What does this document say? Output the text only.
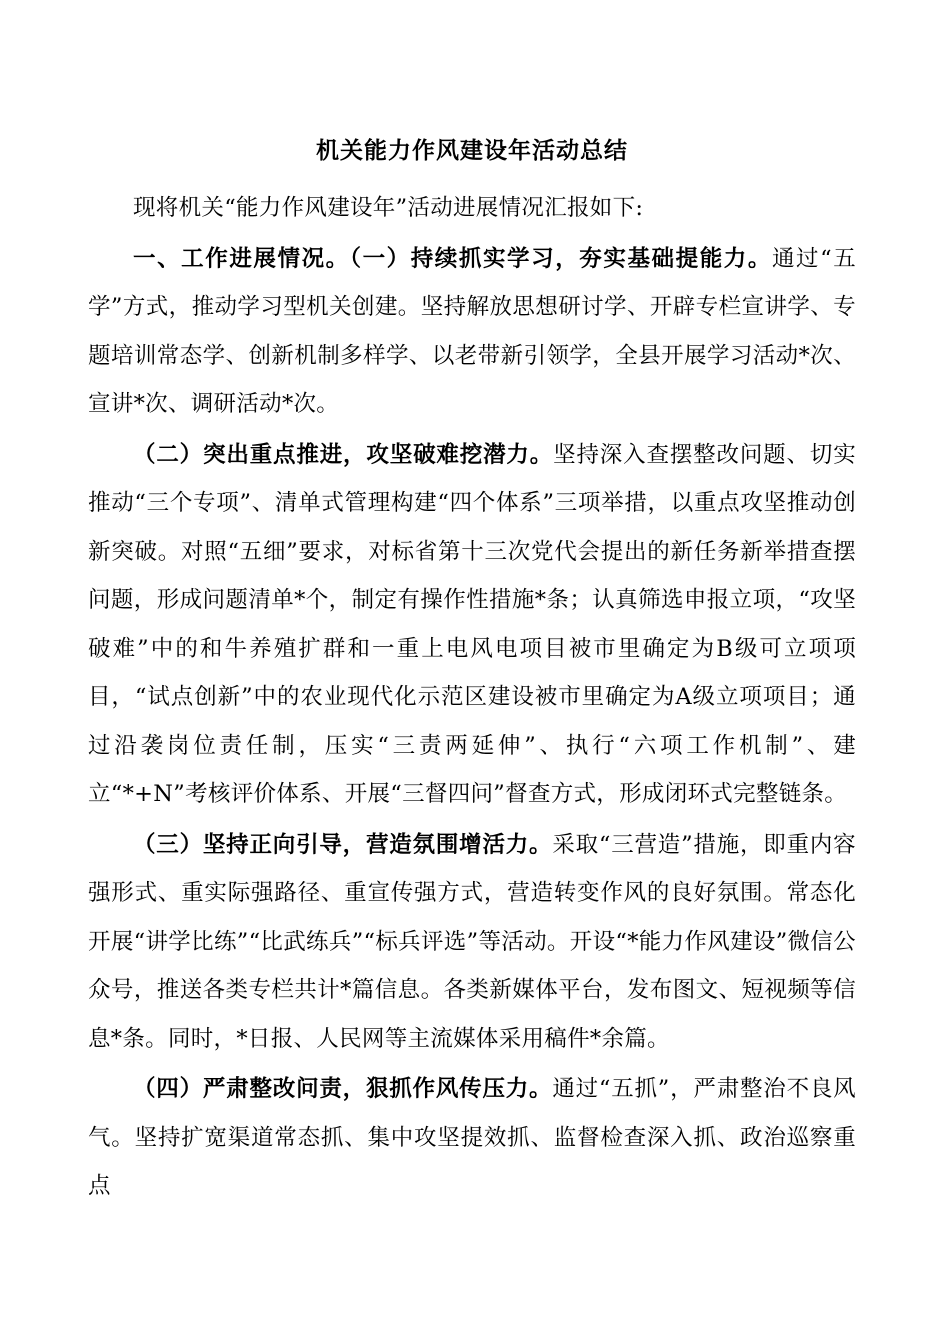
机关能力作风建设年活动总结

现将机关“能力作风建设年”活动进展情况汇报如下:

一、工作进展情况。（一）持续抓实学习，夯实基础提能力。通过“五学”方式，推动学习型机关创建。坚持解放思想研讨学、开辟专栏宣讲学、专题培训常态学、创新机制多样学、以老带新引领学，全县开展学习活动*次、宣讲*次、调研活动*次。

（二）突出重点推进，攻坚破难挖潜力。坚持深入查摆整改问题、切实推动“三个专项”、清单式管理构建“四个体系”三项举措，以重点攻坚推动创新突破。对照“五细”要求，对标省第十三次党代会提出的新任务新举措查摆问题，形成问题清单*个，制定有操作性措施*条；认真筛选申报立项，“攻坚破难”中的和牛养殖扩群和一重上电风电项目被市里确定为B级可立项项目，“试点创新”中的农业现代化示范区建设被市里确定为A级立项项目；通过沿袭岗位责任制，压实“三责两延伸”、执行“六项工作机制”、建立“*+N”考核评价体系、开展“三督四问”督查方式，形成闭环式完整链条。

（三）坚持正向引导，营造氛围增活力。采取“三营造”措施，即重内容强形式、重实际强路径、重宣传强方式，营造转变作风的良好氛围。常态化开展“讲学比练”“比武练兵”“标兵评选”等活动。开设“*能力作风建设”微信公众号，推送各类专栏共计*篇信息。各类新媒体平台，发布图文、短视频等信息*条。同时，*日报、人民网等主流媒体采用稿件*余篇。

（四）严肃整改问责，狠抓作风传压力。通过“五抓”，严肃整治不良风气。坚持扩宽渠道常态抓、集中攻坚提效抓、监督检查深入抓、政治巡察重点
